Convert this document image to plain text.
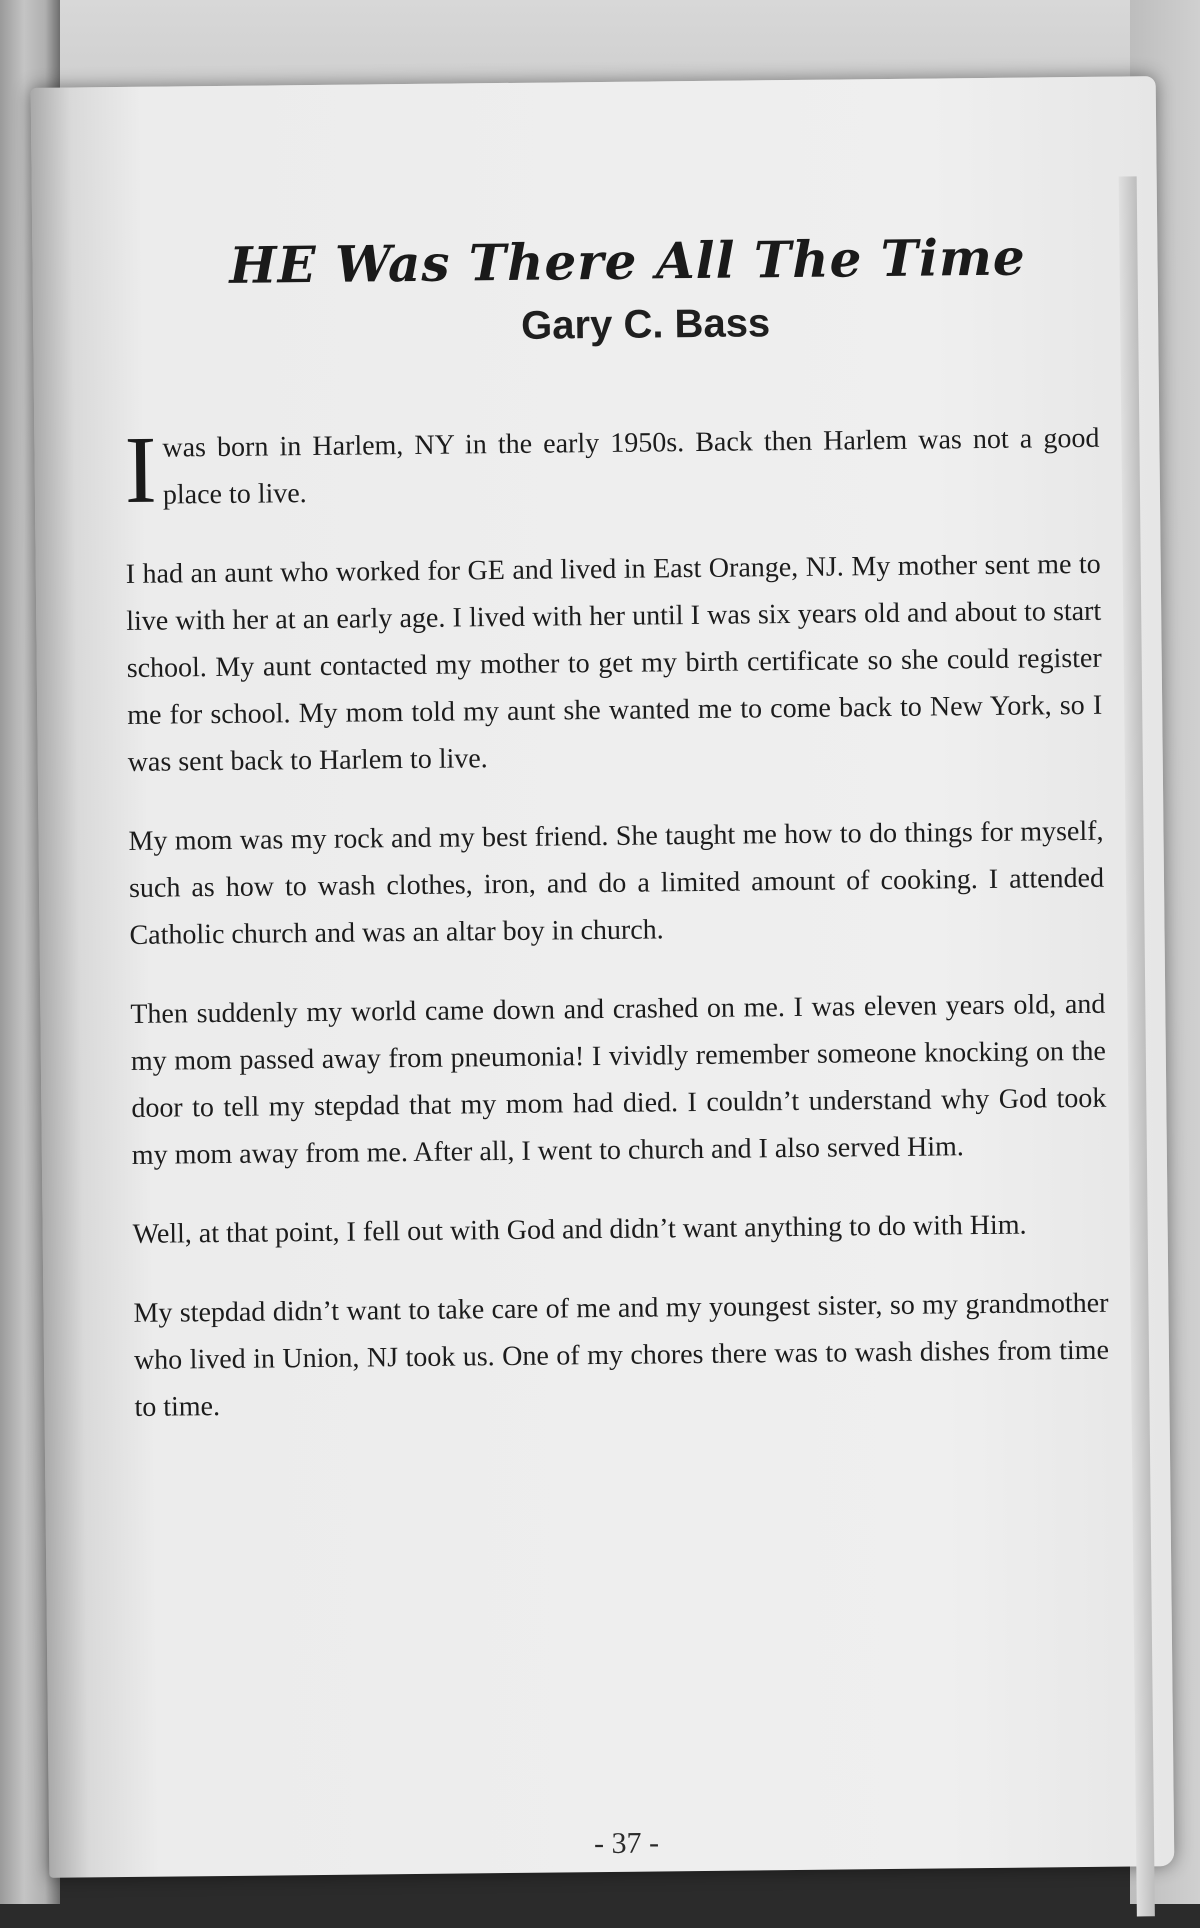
HE Was There All The Time
Gary C. Bass

Iwas born in Harlem, NY in the early 1950s. Back then Harlem was not a good place to live.

I had an aunt who worked for GE and lived in East Orange, NJ. My mother sent me to live with her at an early age. I lived with her until I was six years old and about to start school. My aunt contacted my mother to get my birth certificate so she could register me for school. My mom told my aunt she wanted me to come back to New York, so I was sent back to Harlem to live.

My mom was my rock and my best friend. She taught me how to do things for myself, such as how to wash clothes, iron, and do a limited amount of cooking. I attended Catholic church and was an altar boy in church.

Then suddenly my world came down and crashed on me. I was eleven years old, and my mom passed away from pneumonia! I vividly remember someone knocking on the door to tell my stepdad that my mom had died. I couldn’t understand why God took my mom away from me. After all, I went to church and I also served Him.

Well, at that point, I fell out with God and didn’t want anything to do with Him.

My stepdad didn’t want to take care of me and my youngest sister, so my grandmother who lived in Union, NJ took us. One of my chores there was to wash dishes from time to time.

- 37 -
